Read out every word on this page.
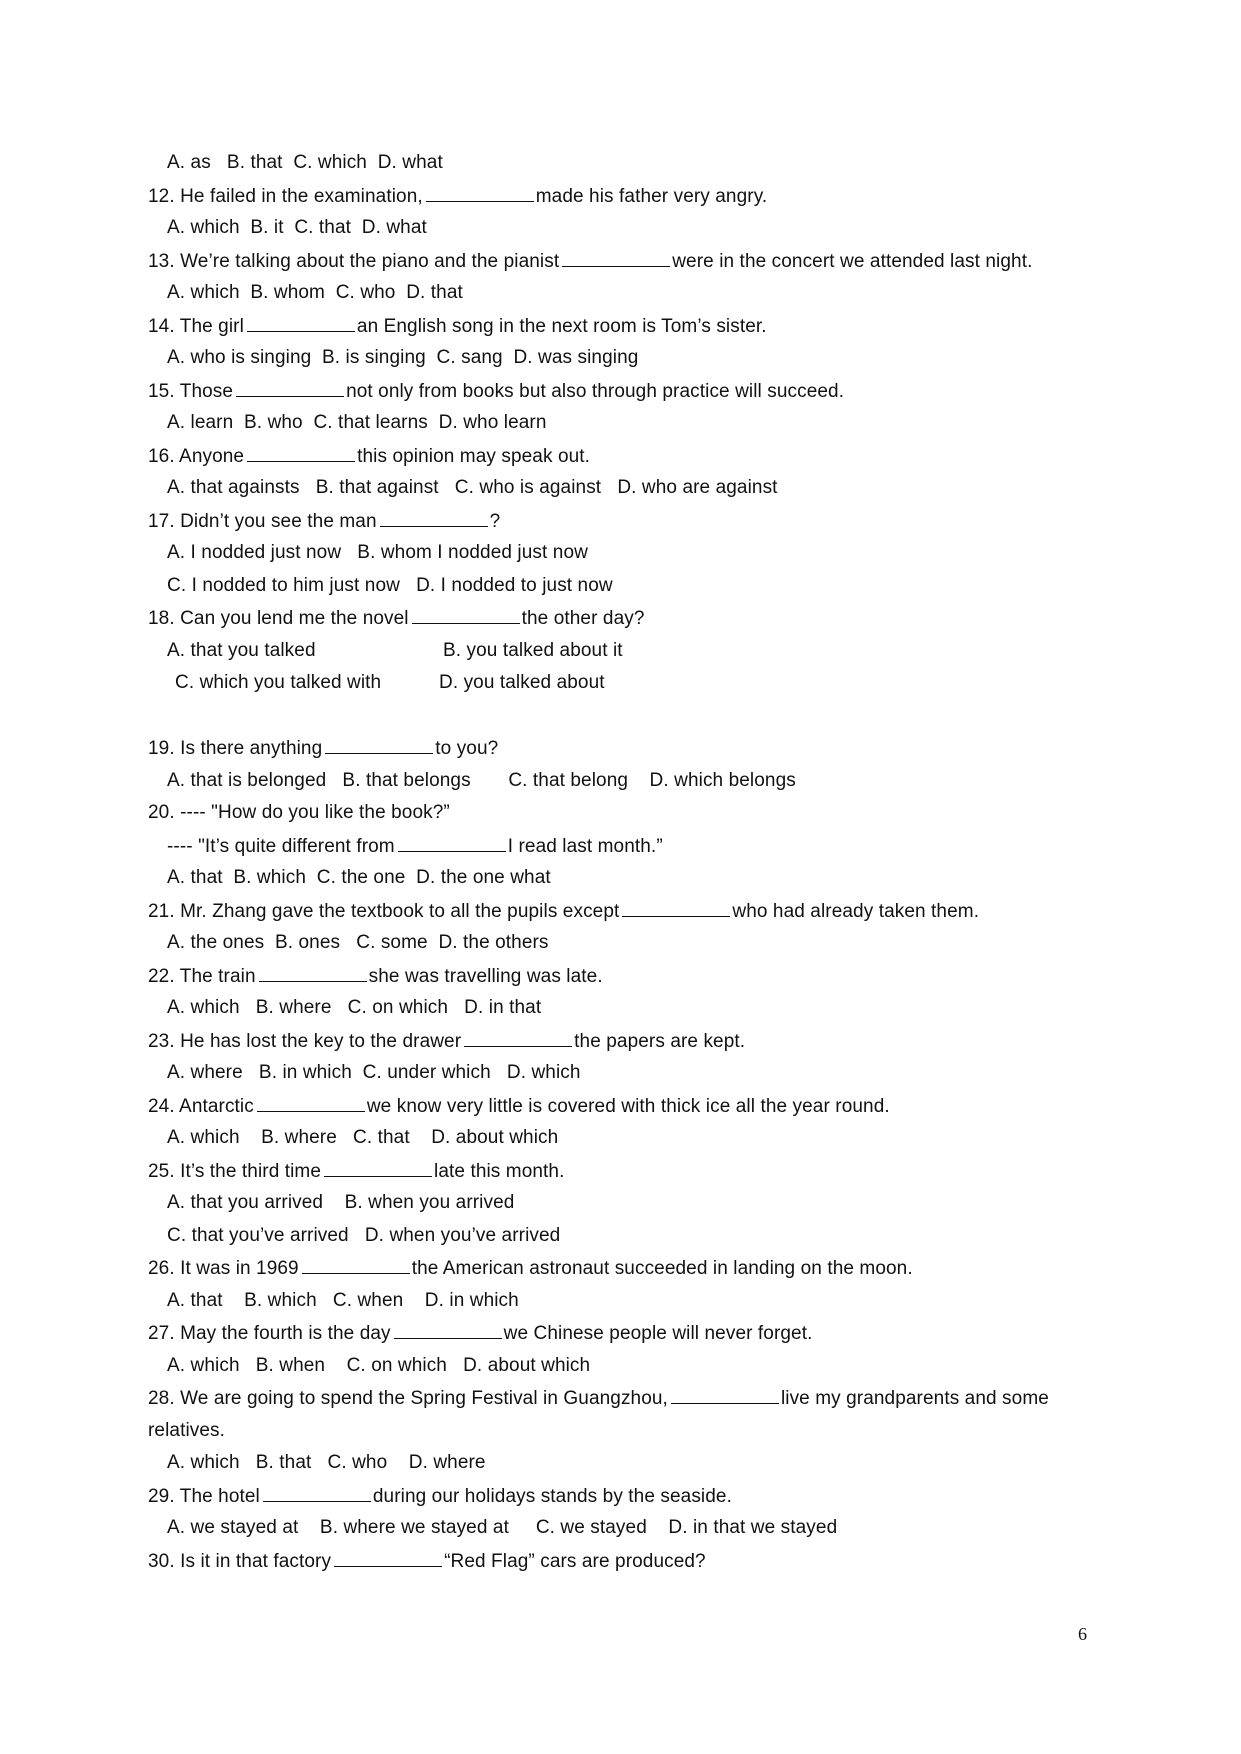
A. as   B. that  C. which  D. what
12. He failed in the examination,	made his father very angry.
A. which  B. it  C. that  D. what
13. We’re talking about the piano and the pianist	were in the concert we attended last night.
A. which  B. whom  C. who  D. that
14. The girl	an English song in the next room is Tom’s sister.
A. who is singing  B. is singing  C. sang  D. was singing
15. Those	not only from books but also through practice will succeed.
A. learn  B. who  C. that learns  D. who learn
16. Anyone	this opinion may speak out.
A. that againsts   B. that against   C. who is against   D. who are against
17. Didn’t you see the man	?
A. I nodded just now   B. whom I nodded just now
C. I nodded to him just now   D. I nodded to just now
18. Can you lend me the novel	the other day?
A. that you talked	B. you talked about it
C. which you talked with	D. you talked about
19. Is there anything	to you?
A. that is belonged   B. that belongs       C. that belong    D. which belongs
20. ---- "How do you like the book?”
---- "It’s quite different from	I read last month.”
A. that  B. which  C. the one  D. the one what
21. Mr. Zhang gave the textbook to all the pupils except	who had already taken them.
A. the ones  B. ones   C. some  D. the others
22. The train	she was travelling was late.
A. which   B. where   C. on which   D. in that
23. He has lost the key to the drawer	the papers are kept.
A. where   B. in which  C. under which   D. which
24. Antarctic	we know very little is covered with thick ice all the year round.
A. which    B. where   C. that    D. about which
25. It’s the third time	late this month.
A. that you arrived    B. when you arrived
C. that you’ve arrived   D. when you’ve arrived
26. It was in 1969	the American astronaut succeeded in landing on the moon.
A. that    B. which   C. when    D. in which
27. May the fourth is the day	we Chinese people will never forget.
A. which   B. when    C. on which   D. about which
28. We are going to spend the Spring Festival in Guangzhou,	live my grandparents and some
relatives.
A. which   B. that   C. who    D. where
29. The hotel	during our holidays stands by the seaside.
A. we stayed at    B. where we stayed at     C. we stayed    D. in that we stayed
30. Is it in that factory	“Red Flag” cars are produced?
6
